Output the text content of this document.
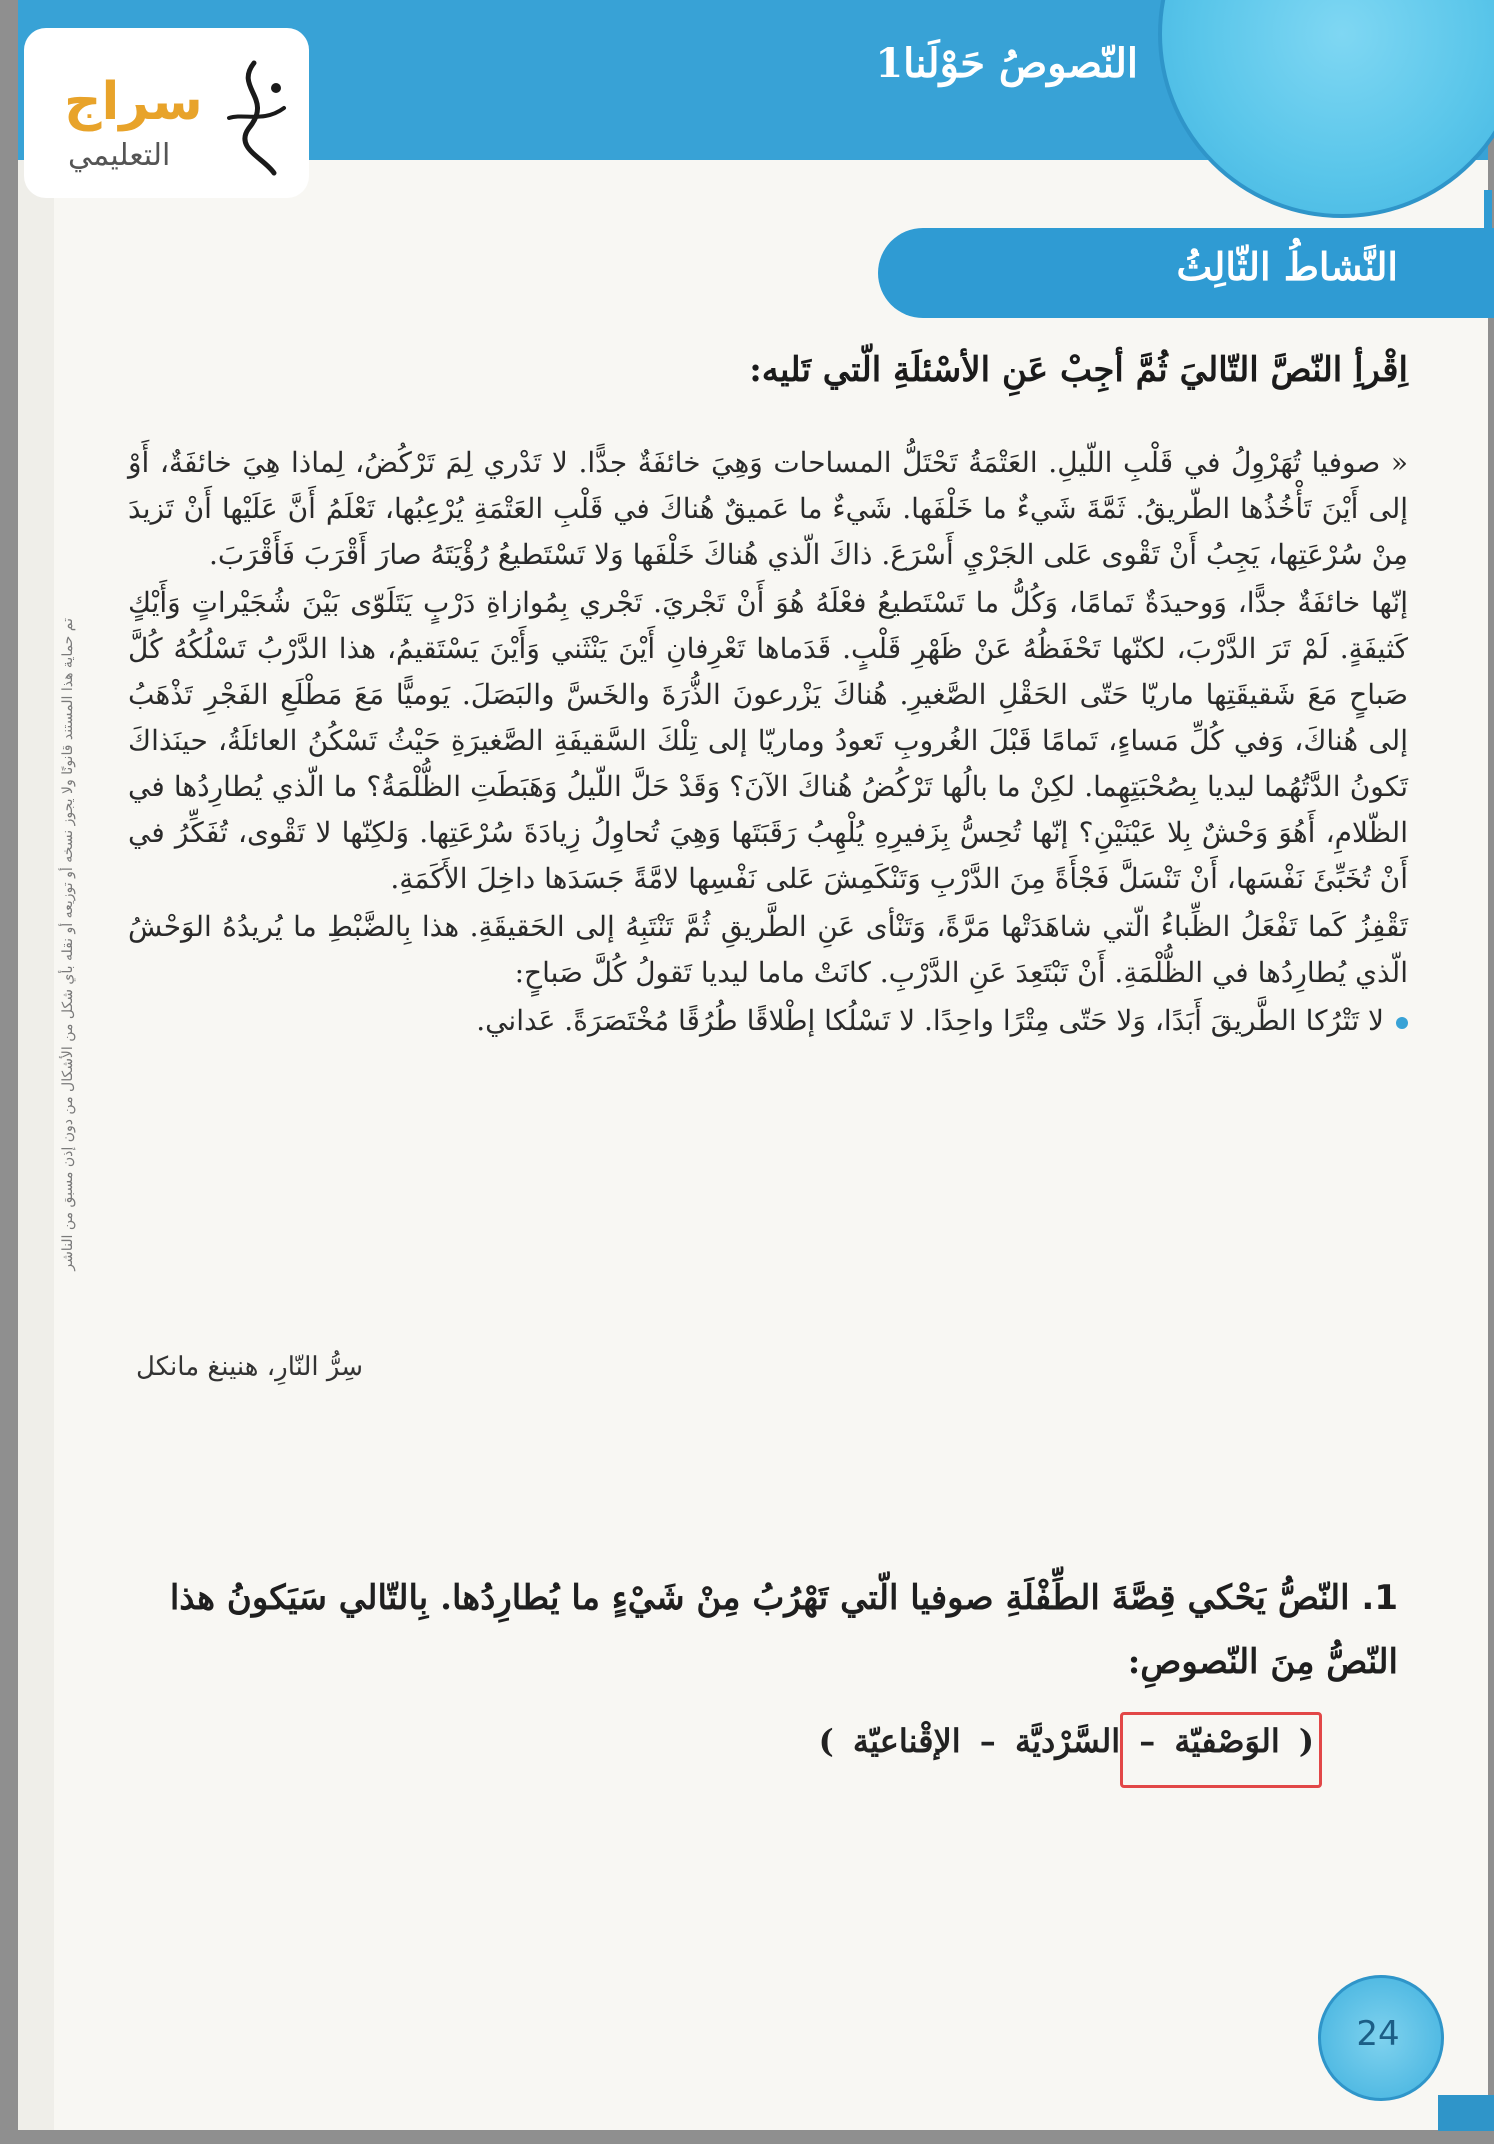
النّصوصُ حَوْلَنا1
تم حماية هذا المستند قانونًا ولا يجوز نسخه أو توزيعه أو نقله بأي شكل من الأشكال من دون إذن مسبق من الناشر
النَّشاطُ الثّالِثُ
اِقْرأِ النّصَّ التّاليَ ثُمَّ أجِبْ عَنِ الأسْئلَةِ الّتي تَليه:

« صوفيا تُهَرْوِلُ في قَلْبِ اللّيلِ. العَتْمَةُ تَحْتَلُّ المساحات وَهِيَ خائفَةٌ جدًّا. لا تَدْري لِمَ تَرْكُضُ، لِماذا هِيَ خائفَةٌ، أَوْ إلى أَيْنَ تَأْخُذُها الطّريقُ. ثَمَّةَ شَيءٌ ما خَلْفَها. شَيءٌ ما عَميقٌ هُناكَ في قَلْبِ العَتْمَةِ يُرْعِبُها، تَعْلَمُ أَنَّ عَلَيْها أَنْ تَزيدَ مِنْ سُرْعَتِها، يَجِبُ أَنْ تَقْوى عَلى الجَرْيِ أَسْرَعَ. ذاكَ الّذي هُناكَ خَلْفَها وَلا تَسْتَطيعُ رُؤْيَتَهُ صارَ أَقْرَبَ فَأَقْرَبَ.

إنّها خائفَةٌ جدًّا، وَوحيدَةٌ تَمامًا، وَكُلُّ ما تَسْتَطيعُ فعْلَهُ هُوَ أَنْ تَجْريَ. تَجْري بِمُوازاةِ دَرْبٍ يَتَلَوّى بَيْنَ شُجَيْراتٍ وَأَيْكٍ كَثيفَةٍ. لَمْ تَرَ الدَّرْبَ، لكنّها تَحْفَظُهُ عَنْ ظَهْرِ قَلْبٍ. قَدَماها تَعْرِفانِ أَيْنَ يَنْثَني وَأَيْنَ يَسْتَقيمُ، هذا الدَّرْبُ تَسْلُكُهُ كُلَّ صَباحٍ مَعَ شَقيقَتِها ماريّا حَتّى الحَقْلِ الصَّغيرِ. هُناكَ يَزْرعونَ الذُّرَةَ والخَسَّ والبَصَلَ. يَوميًّا مَعَ مَطْلَعِ الفَجْرِ تَذْهَبُ إلى هُناكَ، وَفي كُلِّ مَساءٍ، تَمامًا قَبْلَ الغُروبِ تَعودُ وماريّا إلى تِلْكَ السَّقيفَةِ الصَّغيرَةِ حَيْثُ تَسْكُنُ العائلَةُ، حينَذاكَ تَكونُ الدَّتُهُما ليديا بِصُحْبَتِهِما. لكِنْ ما بالُها تَرْكُضُ هُناكَ الآنَ؟ وَقَدْ حَلَّ اللّيلُ وَهَبَطَتِ الظُّلْمَةُ؟ ما الّذي يُطارِدُها في الظّلامِ، أَهُوَ وَحْشٌ بِلا عَيْنَيْنِ؟ إنّها تُحِسُّ بِزَفيرِهِ يُلْهِبُ رَقَبَتَها وَهِيَ تُحاوِلُ زِيادَةَ سُرْعَتِها. وَلكِنّها لا تَقْوى، تُفَكِّرُ في أَنْ تُخَبِّئَ نَفْسَها، أَنْ تَنْسَلَّ فَجْأَةً مِنَ الدَّرْبِ وَتَنْكَمِشَ عَلى نَفْسِها لامَّةً جَسَدَها داخِلَ الأَكَمَةِ.

تَقْفِزُ كَما تَفْعَلُ الظِّباءُ الّتي شاهَدَتْها مَرَّةً، وَتَنْأى عَنِ الطَّريقِ ثُمَّ تَنْتَبِهُ إلى الحَقيقَةِ. هذا بِالضَّبْطِ ما يُريدُهُ الوَحْشُ الّذي يُطارِدُها في الظُّلْمَةِ. أَنْ تَبْتَعِدَ عَنِ الدَّرْبِ. كانَتْ ماما ليديا تَقولُ كُلَّ صَباحٍ:

لا تَتْرُكا الطَّريقَ أَبَدًا، وَلا حَتّى مِتْرًا واحِدًا. لا تَسْلُكا إطْلاقًا طُرُقًا مُخْتَصَرَةً. عَداني.

سِرُّ النّارِ، هنينغ مانكل
1. النّصُّ يَحْكي قِصَّةَ الطِّفْلَةِ صوفيا الّتي تَهْرُبُ مِنْ شَيْءٍ ما يُطارِدُها. بِالتّالي سَيَكونُ هذا النّصُّ مِنَ النّصوصِ:
( الوَصْفيّة – السَّرْديَّة – الإقْناعيّة )
24
سراج
التعليمي
